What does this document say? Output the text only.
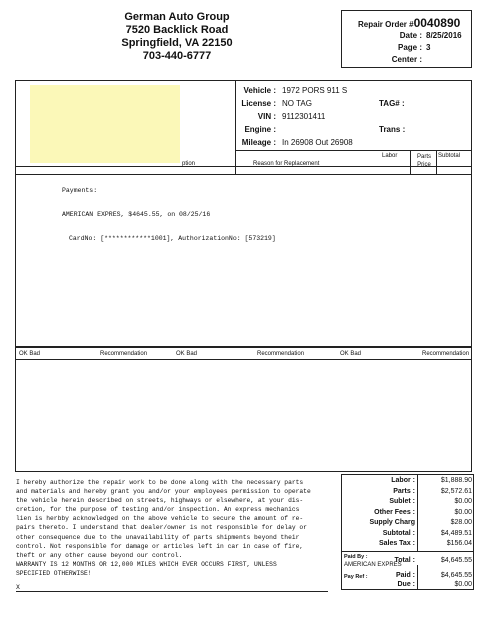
German Auto Group
7520 Backlick Road
Springfield, VA 22150
703-440-6777
Repair Order #0040890
Date : 8/25/2016
Page : 3
Center :
Vehicle : 1972 PORS 911 S
License : NO TAG	TAG# :
VIN : 9112301411
Engine :	Trans :
Mileage : In 26908 Out 26908
ption	Reason for Replacement
Labor	Parts Price
Subtotal

Payments:

AMERICAN EXPRES, $4645.55, on 08/25/16

CardNo: [************1001], AuthorizationNo: [573219]

OK Bad	Recommendation	OK Bad	Recommendation	OK Bad	Recommendation
I hereby authorize the repair work to be done along with the necessary parts
and materials and hereby grant you and/or your employees permission to operate
the vehicle herein described on streets, highways or elsewhere, at your dis-
cretion, for the purpose of testing and/or inspection. An express mechanics
lien is herbby acknowledged on the above vehicle to secure the amount of re-
pairs thereto. I understand that dealer/owner is not responsible for delay or
other consequence due to the unavailability of parts shipments beyond their
control. Not responsible for damage or articles left in car in case of fire,
theft or any other cause beyond our control.
WARRANTY IS 12 MONTHS OR 12,000 MILES WHICH EVER OCCURS FIRST, UNLESS
SPECIFIED OTHERWISE!
X
Labor :	$1,888.90
Parts :	$2,572.61
Sublet :	$0.00
Other Fees :	$0.00
Supply Charg	$28.00
Subtotal :	$4,489.51
Sales Tax :	$156.04
Paid By :
AMERICAN EXPRES
Pay Ref :
Total :	$4,645.55
Paid :	$4,645.55
Due :	$0.00
